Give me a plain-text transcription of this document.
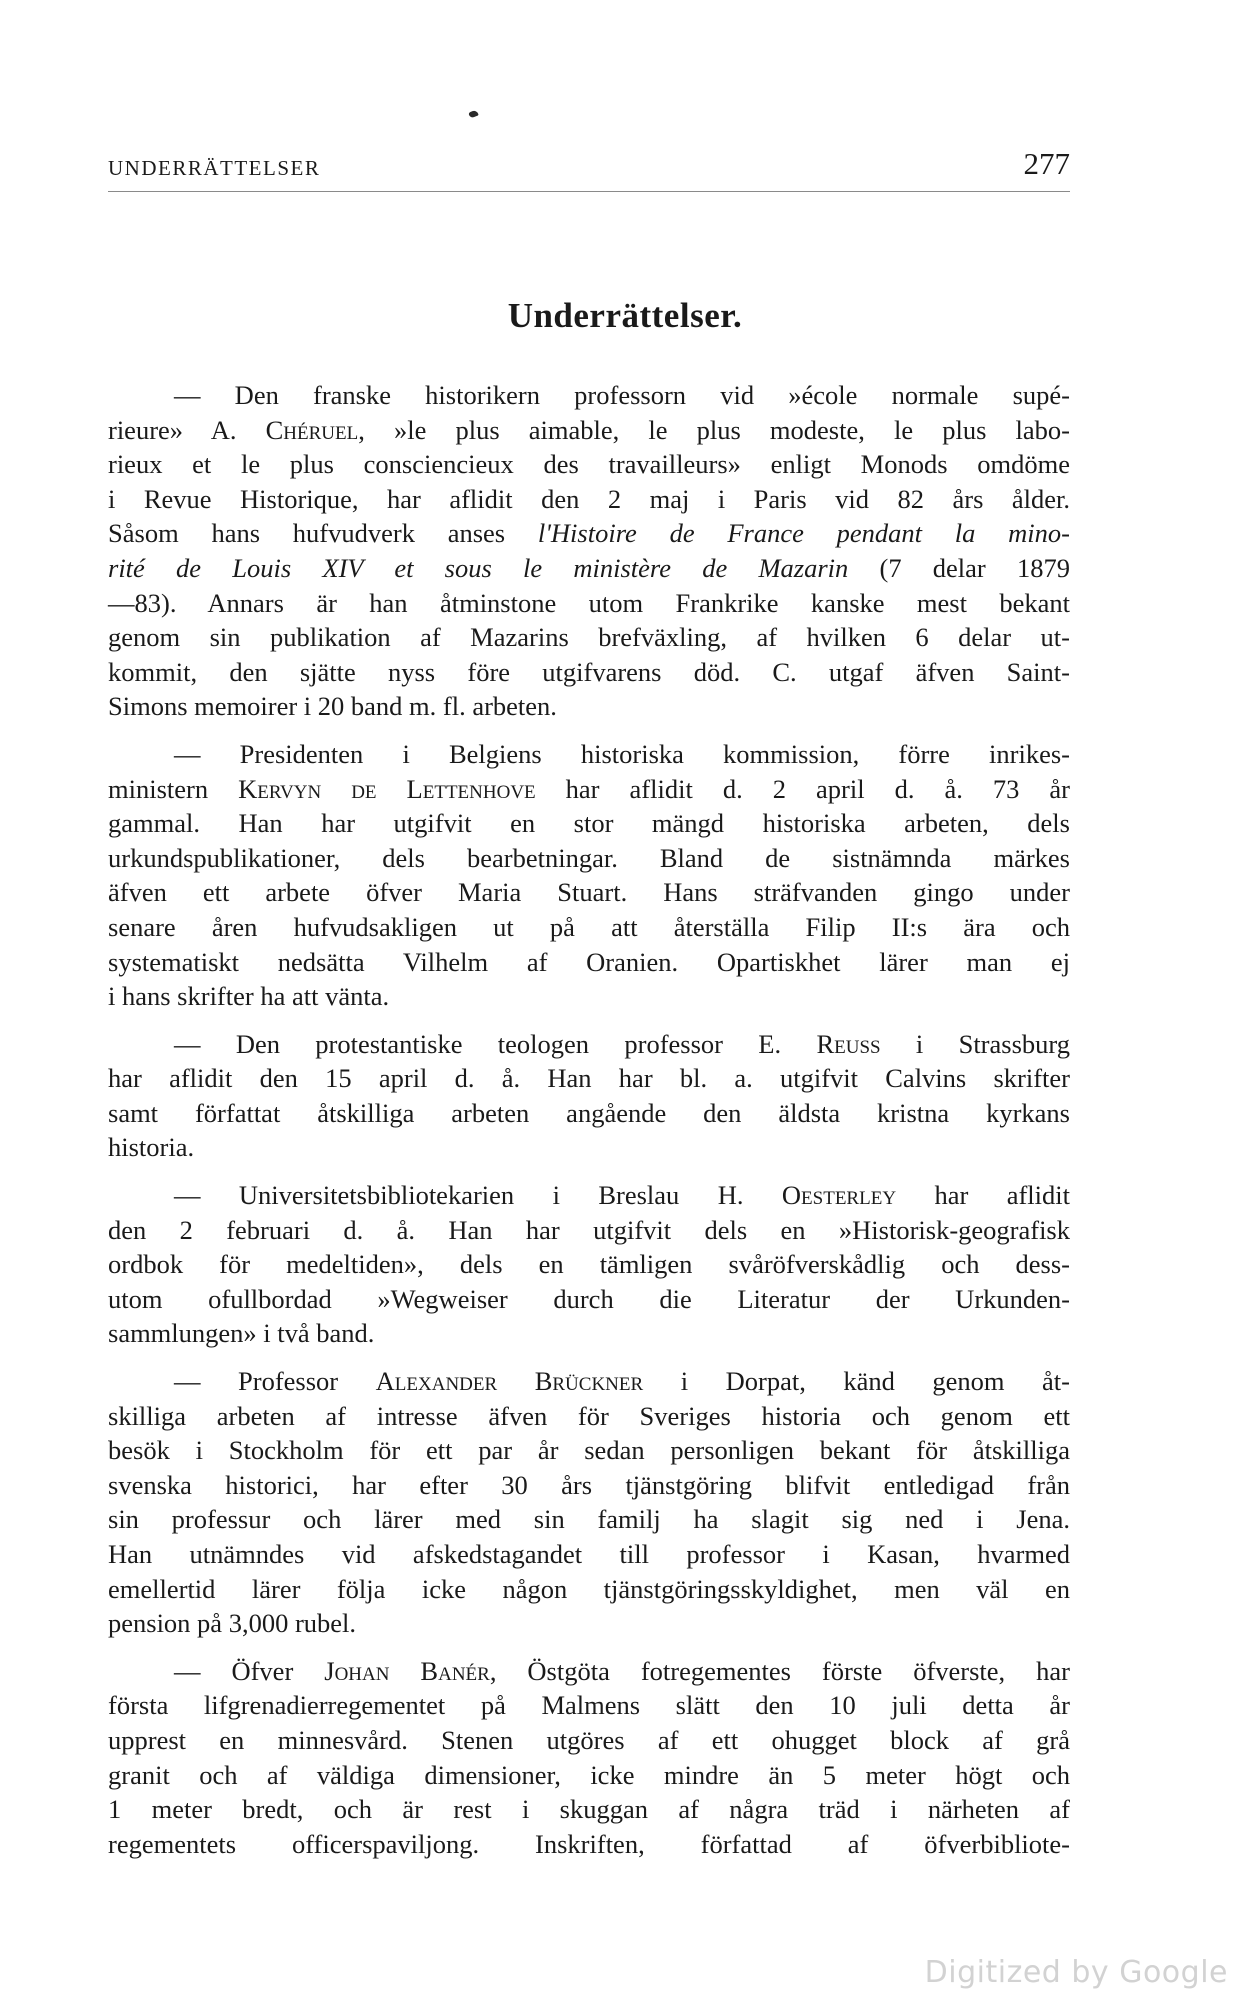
UNDERRÄTTELSER	277
Underrättelser.
— Den franske historikern professorn vid »école normale supé-
rieure» A. Chéruel, »le plus aimable, le plus modeste, le plus labo-
rieux et le plus consciencieux des travailleurs» enligt Monods omdöme
i Revue Historique, har aflidit den 2 maj i Paris vid 82 års ålder.
Såsom hans hufvudverk anses l'Histoire de France pendant la mino-
rité de Louis XIV et sous le ministère de Mazarin (7 delar 1879
—83). Annars är han åtminstone utom Frankrike kanske mest bekant
genom sin publikation af Mazarins brefväxling, af hvilken 6 delar ut-
kommit, den sjätte nyss före utgifvarens död. C. utgaf äfven Saint-
Simons memoirer i 20 band m. fl. arbeten.
— Presidenten i Belgiens historiska kommission, förre inrikes-
ministern Kervyn de Lettenhove har aflidit d. 2 april d. å. 73 år
gammal. Han har utgifvit en stor mängd historiska arbeten, dels
urkundspublikationer, dels bearbetningar. Bland de sistnämnda märkes
äfven ett arbete öfver Maria Stuart. Hans sträfvanden gingo under
senare åren hufvudsakligen ut på att återställa Filip II:s ära och
systematiskt nedsätta Vilhelm af Oranien. Opartiskhet lärer man ej
i hans skrifter ha att vänta.
— Den protestantiske teologen professor E. Reuss i Strassburg
har aflidit den 15 april d. å. Han har bl. a. utgifvit Calvins skrifter
samt författat åtskilliga arbeten angående den äldsta kristna kyrkans
historia.
— Universitetsbibliotekarien i Breslau H. Oesterley har aflidit
den 2 februari d. å. Han har utgifvit dels en »Historisk-geografisk
ordbok för medeltiden», dels en tämligen svåröfverskådlig och dess-
utom ofullbordad »Wegweiser durch die Literatur der Urkunden-
sammlungen» i två band.
— Professor Alexander Brückner i Dorpat, känd genom åt-
skilliga arbeten af intresse äfven för Sveriges historia och genom ett
besök i Stockholm för ett par år sedan personligen bekant för åtskilliga
svenska historici, har efter 30 års tjänstgöring blifvit entledigad från
sin professur och lärer med sin familj ha slagit sig ned i Jena.
Han utnämndes vid afskedstagandet till professor i Kasan, hvarmed
emellertid lärer följa icke någon tjänstgöringsskyldighet, men väl en
pension på 3,000 rubel.
— Öfver Johan Banér, Östgöta fotregementes förste öfverste, har
första lifgrenadierregementet på Malmens slätt den 10 juli detta år
upprest en minnesvård. Stenen utgöres af ett ohugget block af grå
granit och af väldiga dimensioner, icke mindre än 5 meter högt och
1 meter bredt, och är rest i skuggan af några träd i närheten af
regementets officerspaviljong. Inskriften, författad af öfverbibliote-
Digitized by Google
